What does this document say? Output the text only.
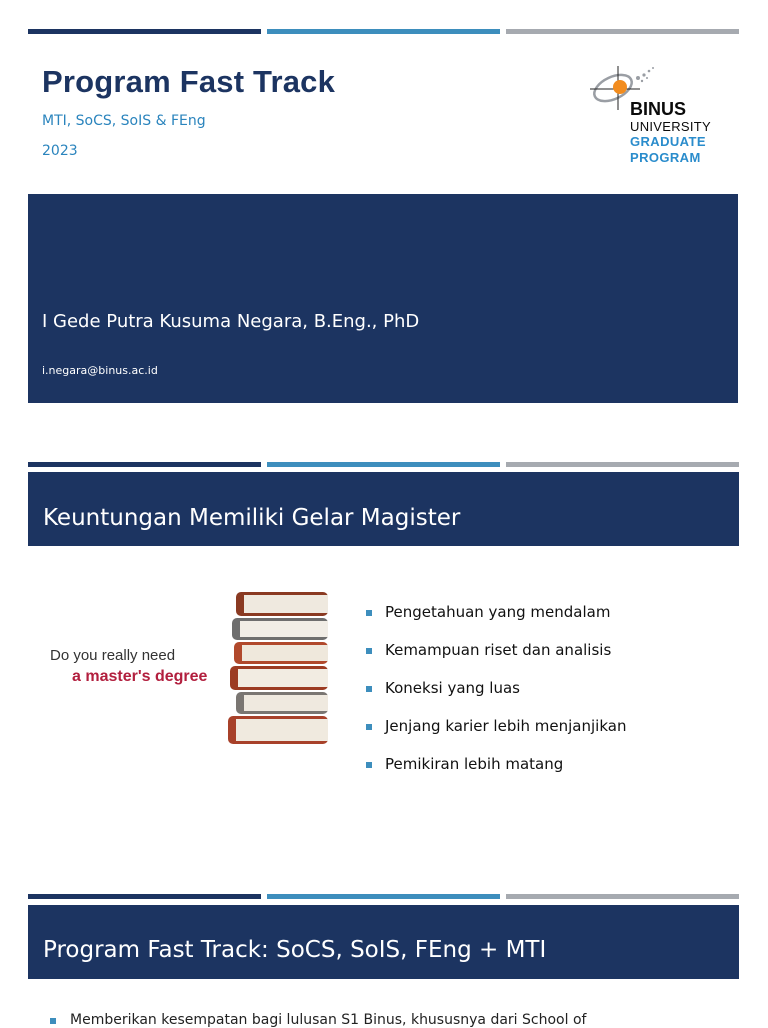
Program Fast Track
MTI, SoCS, SoIS & FEng
2023
BINUS
UNIVERSITY
GRADUATE
PROGRAM
I Gede Putra Kusuma Negara, B.Eng., PhD
i.negara@binus.ac.id
Keuntungan Memiliki Gelar Magister
Do you really need
a master's degree
Pengetahuan yang mendalam
Kemampuan riset dan analisis
Koneksi yang luas
Jenjang karier lebih menjanjikan
Pemikiran lebih matang
Program Fast Track: SoCS, SoIS, FEng + MTI
Memberikan kesempatan bagi lulusan S1 Binus, khususnya dari School of
